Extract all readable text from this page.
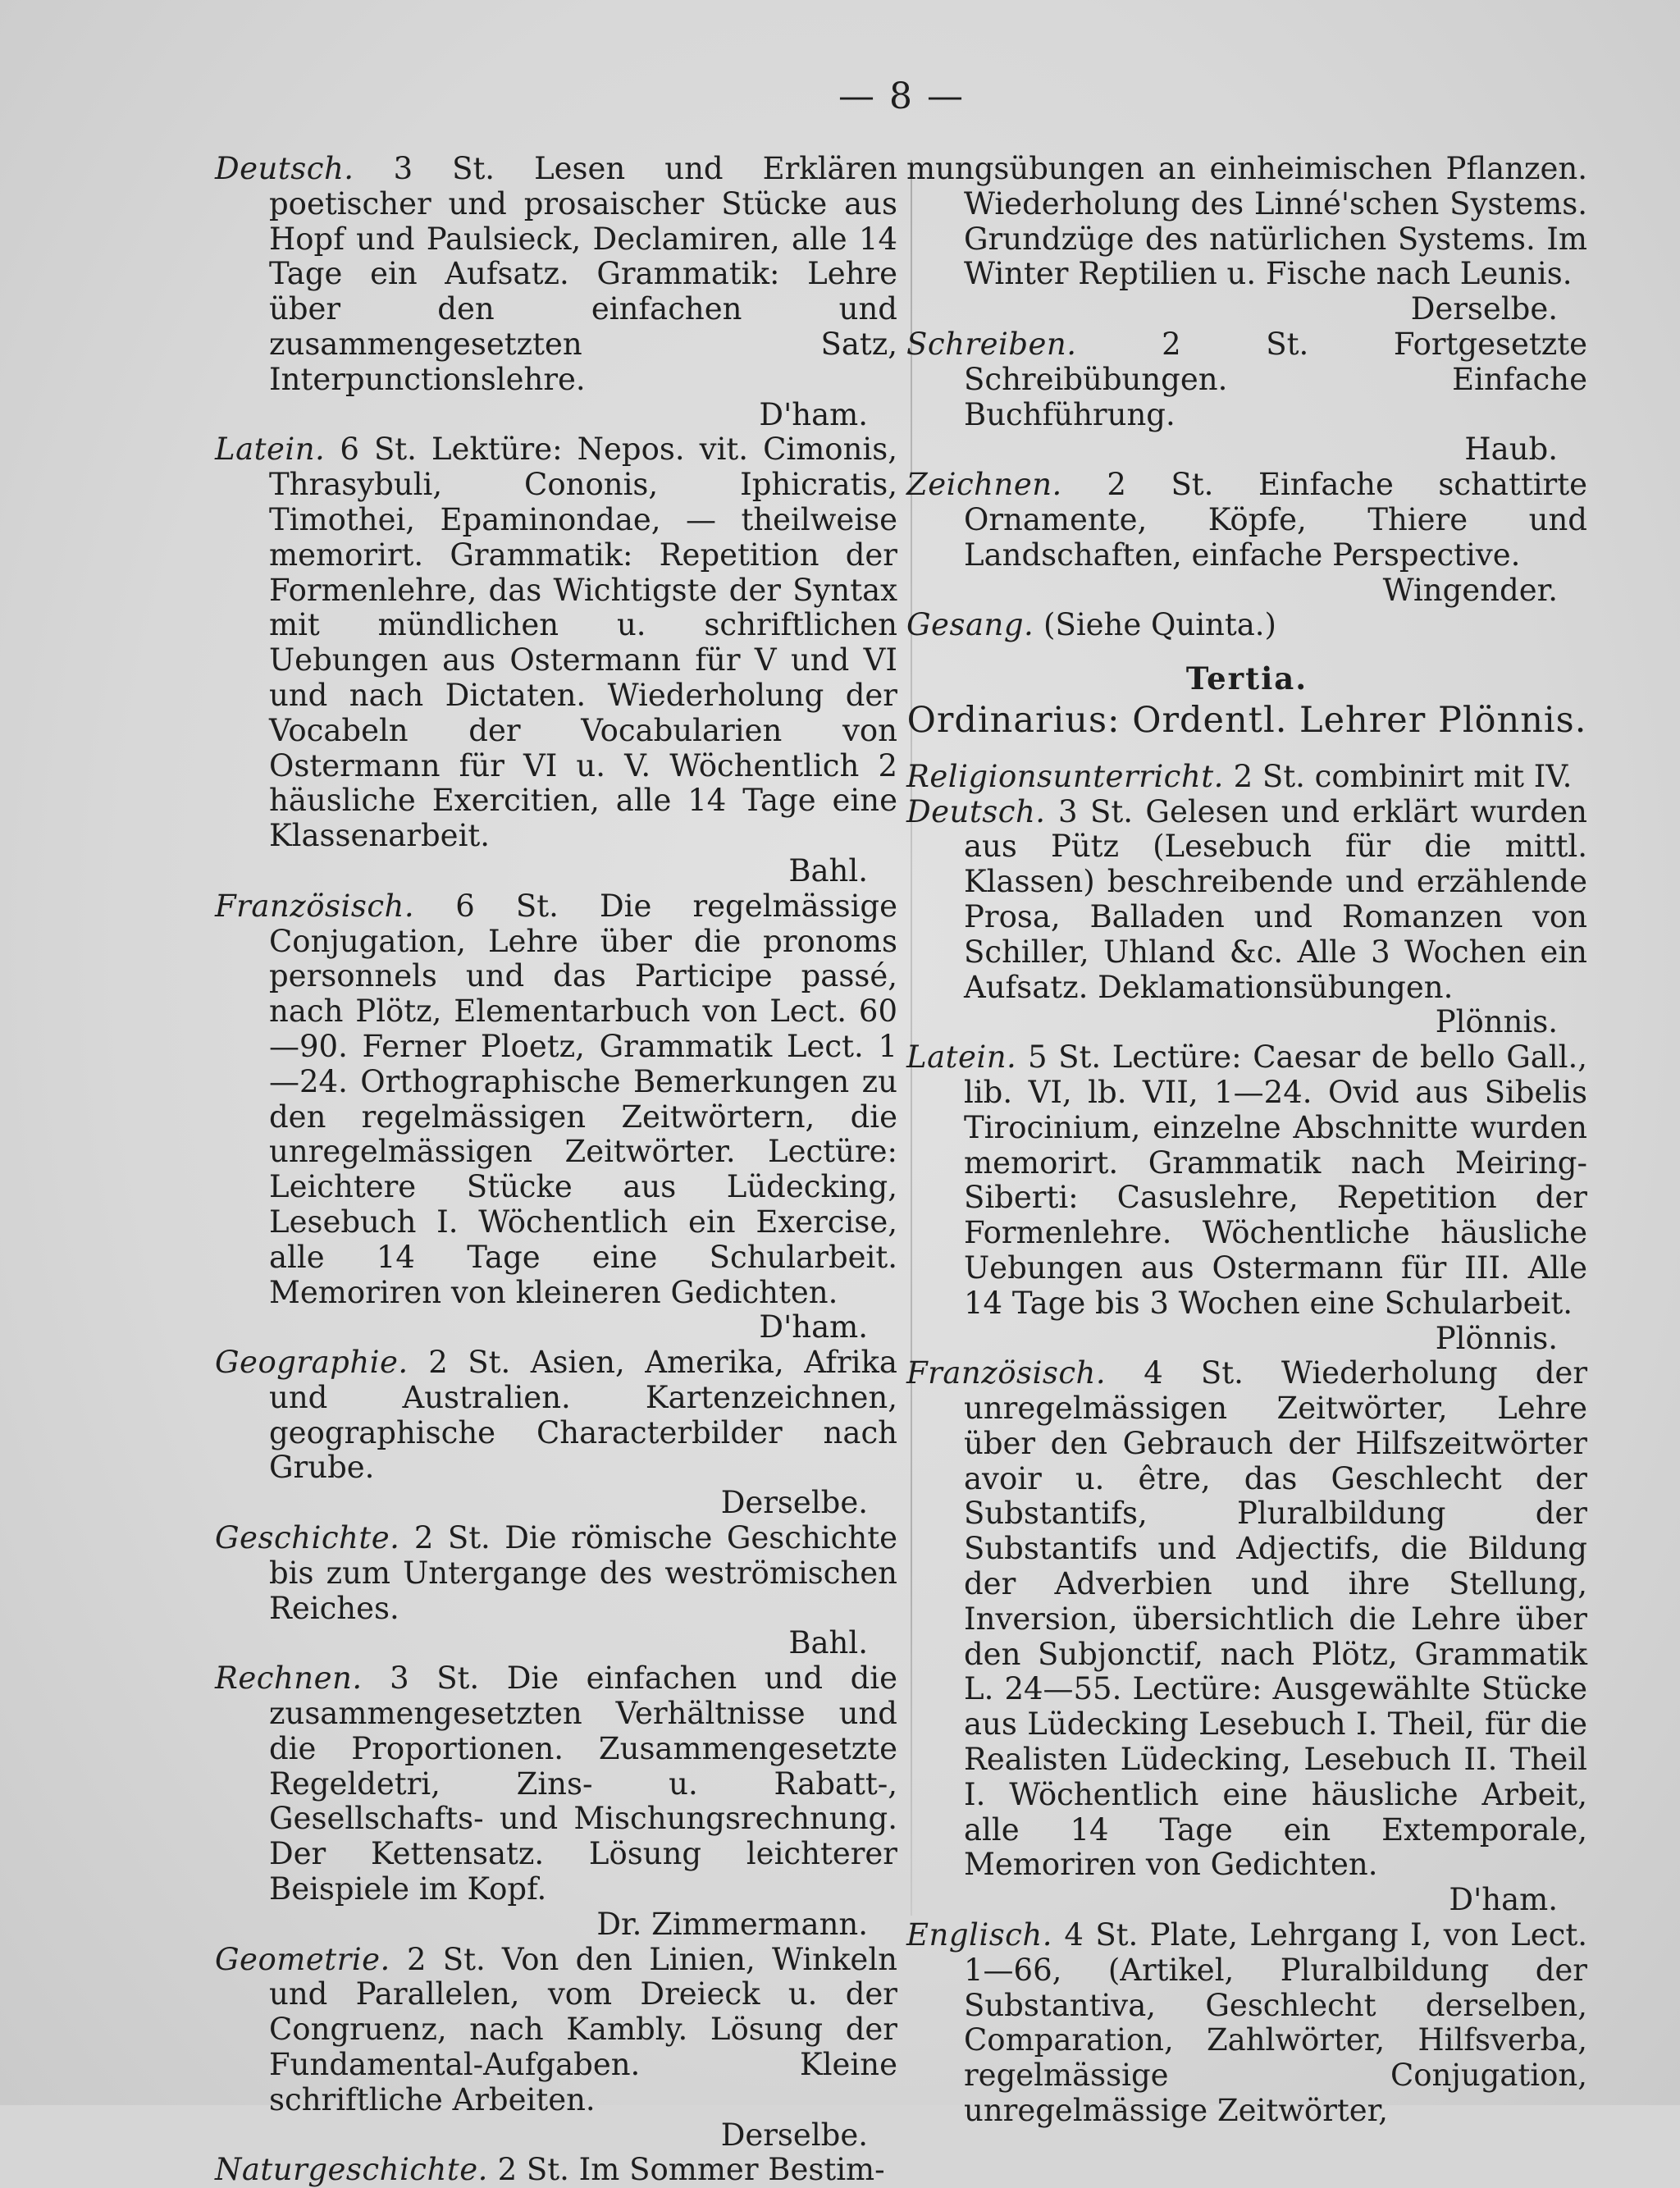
— 8 —

Deutsch. 3 St. Lesen und Erklären poetischer und prosaischer Stücke aus Hopf und Paulsieck, Declamiren, alle 14 Tage ein Aufsatz. Grammatik: Lehre über den einfachen und zusammengesetzten Satz, Interpunctionslehre.
D'ham.

Latein. 6 St. Lektüre: Nepos. vit. Cimonis, Thrasybuli, Cononis, Iphicratis, Timothei, Epaminondae, — theilweise memorirt. Grammatik: Repetition der Formenlehre, das Wichtigste der Syntax mit mündlichen u. schriftlichen Uebungen aus Ostermann für V und VI und nach Dictaten. Wiederholung der Vocabeln der Vocabularien von Ostermann für VI u. V. Wöchentlich 2 häusliche Exercitien, alle 14 Tage eine Klassenarbeit.
Bahl.

Französisch. 6 St. Die regelmässige Conjugation, Lehre über die pronoms personnels und das Participe passé, nach Plötz, Elementarbuch von Lect. 60—90. Ferner Ploetz, Grammatik Lect. 1—24. Orthographische Bemerkungen zu den regelmässigen Zeitwörtern, die unregelmässigen Zeitwörter. Lectüre: Leichtere Stücke aus Lüdecking, Lesebuch I. Wöchentlich ein Exercise, alle 14 Tage eine Schularbeit. Memoriren von kleineren Gedichten.
D'ham.

Geographie. 2 St. Asien, Amerika, Afrika und Australien. Kartenzeichnen, geographische Characterbilder nach Grube.
Derselbe.

Geschichte. 2 St. Die römische Geschichte bis zum Untergange des weströmischen Reiches.
Bahl.

Rechnen. 3 St. Die einfachen und die zusammengesetzten Verhältnisse und die Proportionen. Zusammengesetzte Regeldetri, Zins- u. Rabatt-, Gesellschafts- und Mischungsrechnung. Der Kettensatz. Lösung leichterer Beispiele im Kopf.
Dr. Zimmermann.

Geometrie. 2 St. Von den Linien, Winkeln und Parallelen, vom Dreieck u. der Congruenz, nach Kambly. Lösung der Fundamental-Aufgaben. Kleine schriftliche Arbeiten.
Derselbe.

Naturgeschichte. 2 St. Im Sommer Bestim-

mungsübungen an einheimischen Pflanzen. Wiederholung des Linné'schen Systems. Grundzüge des natürlichen Systems. Im Winter Reptilien u. Fische nach Leunis.
Derselbe.

Schreiben.	2 St. Fortgesetzte Schreibübungen. Einfache Buchführung.
Haub.

Zeichnen. 2 St. Einfache schattirte Ornamente, Köpfe, Thiere und Landschaften, einfache Perspective.
Wingender.

Gesang. (Siehe Quinta.)

Tertia.
Ordinarius: Ordentl. Lehrer Plönnis.

Religionsunterricht. 2 St. combinirt mit IV.

Deutsch. 3 St. Gelesen und erklärt wurden aus Pütz (Lesebuch für die mittl. Klassen) beschreibende und erzählende Prosa, Balladen und Romanzen von Schiller, Uhland &c. Alle 3 Wochen ein Aufsatz. Deklamationsübungen.
Plönnis.

Latein. 5 St. Lectüre: Caesar de bello Gall., lib. VI, lb. VII, 1—24. Ovid aus Sibelis Tirocinium, einzelne Abschnitte wurden memorirt. Grammatik nach Meiring-Siberti: Casuslehre, Repetition der Formenlehre. Wöchentliche häusliche Uebungen aus Ostermann für III. Alle 14 Tage bis 3 Wochen eine Schularbeit.
Plönnis.

Französisch. 4 St. Wiederholung der unregelmässigen Zeitwörter, Lehre über den Gebrauch der Hilfszeitwörter avoir u. être, das Geschlecht der Substantifs, Pluralbildung der Substantifs und Adjectifs, die Bildung der Adverbien und ihre Stellung, Inversion, übersichtlich die Lehre über den Subjonctif, nach Plötz, Grammatik L. 24—55. Lectüre: Ausgewählte Stücke aus Lüdecking Lesebuch I. Theil, für die Realisten Lüdecking, Lesebuch II. Theil I. Wöchentlich eine häusliche Arbeit, alle 14 Tage ein Extemporale, Memoriren von Gedichten.
D'ham.

Englisch. 4 St. Plate, Lehrgang I, von Lect. 1—66, (Artikel, Pluralbildung der Substantiva, Geschlecht derselben, Comparation, Zahlwörter, Hilfsverba, regelmässige Conjugation, unregelmässige Zeitwörter,
